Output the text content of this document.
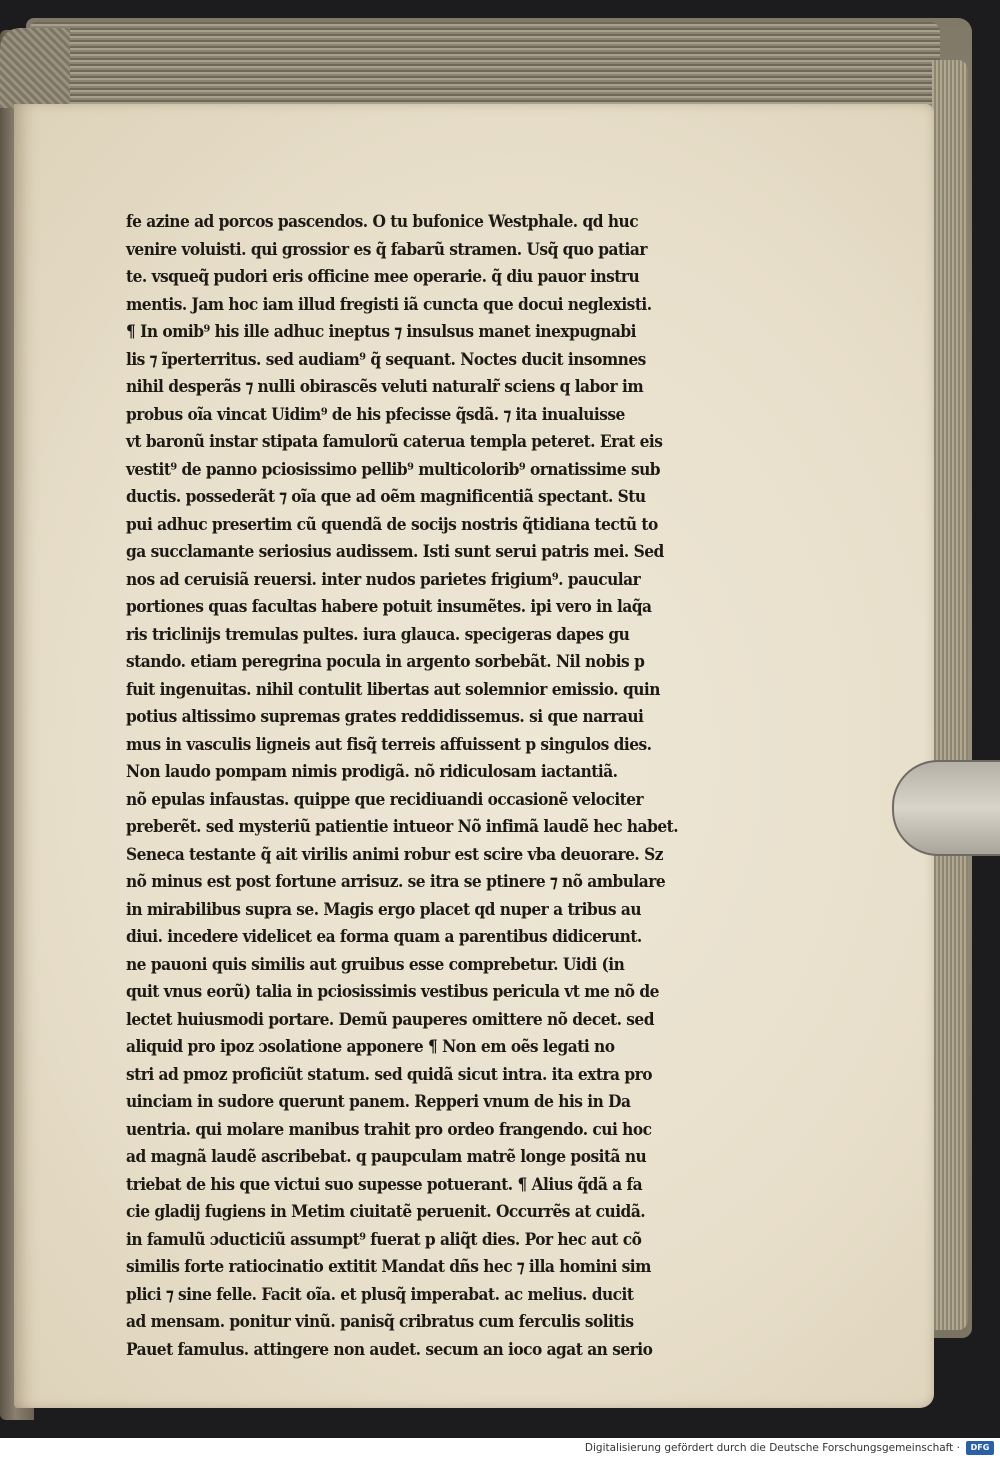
fe azine ad porcos pascendos. O tu bufonice Westphale. qd huc
venire voluisti. qui grossior es q̃ fabarũ stramen. Usq̃ quo patiar
te. vsqueq̃ pudori eris officine mee operarie. q̃ diu pauor instru
mentis. Jam hoc iam illud fregisti iã cuncta que docui neglexisti.
¶ In omib⁹ his ille adhuc ineptus ⁊ insulsus manet inexpugnabi
lis ⁊ ĩperterritus. sed audiam⁹ q̃ sequant. Noctes ducit insomnes
nihil desperãs ⁊ nulli obirascẽs veluti naturalr̃ sciens q labor im
probus oĩa vincat Uidim⁹ de his pfecisse q̃sdã. ⁊ ita inualuisse
vt baronũ instar stipata famulorũ caterua templa peteret. Erat eis
vestit⁹ de panno pciosissimo pellib⁹ multicolorib⁹ ornatissime sub
ductis. possederãt ⁊ oĩa que ad oẽm magnificentiã spectant. Stu
pui adhuc presertim cũ quendã de socijs nostris q̃tidiana tectũ to
ga succlamante seriosius audissem. Isti sunt serui patris mei. Sed
nos ad ceruisiã reuersi. inter nudos parietes frigium⁹. paucular
portiones quas facultas habere potuit insumẽtes. ipi vero in laq̃a
ris triclinijs tremulas pultes. iura glauca. specigeras dapes gu
stando. etiam peregrina pocula in argento sorbebãt. Nil nobis p
fuit ingenuitas. nihil contulit libertas aut solemnior emissio. quin
potius altissimo supremas grates reddidissemus. si que narraui
mus in vasculis ligneis aut fisq̃ terreis affuissent p singulos dies.
Non laudo pompam nimis prodigã. nõ ridiculosam iactantiã.
nõ epulas infaustas. quippe que recidiuandi occasionẽ velociter
preberẽt. sed mysteriũ patientie intueor Nõ infimã laudẽ hec habet.
Seneca testante q̃ ait virilis animi robur est scire vba deuorare. Sz
nõ minus est post fortune arrisuz. se itra se ptinere ⁊ nõ ambulare
in mirabilibus supra se. Magis ergo placet qd nuper a tribus au
diui. incedere videlicet ea forma quam a parentibus didicerunt.
ne pauoni quis similis aut gruibus esse comprebetur. Uidi (in
quit vnus eorũ) talia in pciosissimis vestibus pericula vt me nõ de
lectet huiusmodi portare. Demũ pauperes omittere nõ decet. sed
aliquid pro ipoz ɔsolatione apponere ¶ Non em oẽs legati no
stri ad pmoz proficiũt statum. sed quidã sicut intra. ita extra pro
uinciam in sudore querunt panem. Repperi vnum de his in Da
uentria. qui molare manibus trahit pro ordeo frangendo. cui hoc
ad magnã laudẽ ascribebat. q paupculam matrẽ longe positã nu
triebat de his que victui suo supesse potuerant. ¶ Alius q̃dã a fa
cie gladij fugiens in Metim ciuitatẽ peruenit. Occurrẽs at cuidã.
in famulũ ɔducticiũ assumpt⁹ fuerat p aliq̃t dies. Por hec aut cõ
similis forte ratiocinatio extitit Mandat dñs hec ⁊ illa homini sim
plici ⁊ sine felle. Facit oĩa. et plusq̃ imperabat. ac melius. ducit
ad mensam. ponitur vinũ. panisq̃ cribratus cum ferculis solitis
Pauet famulus. attingere non audet. secum an ioco agat an serio
Digitalisierung gefördert durch die Deutsche Forschungsgemeinschaft ·	DFG
